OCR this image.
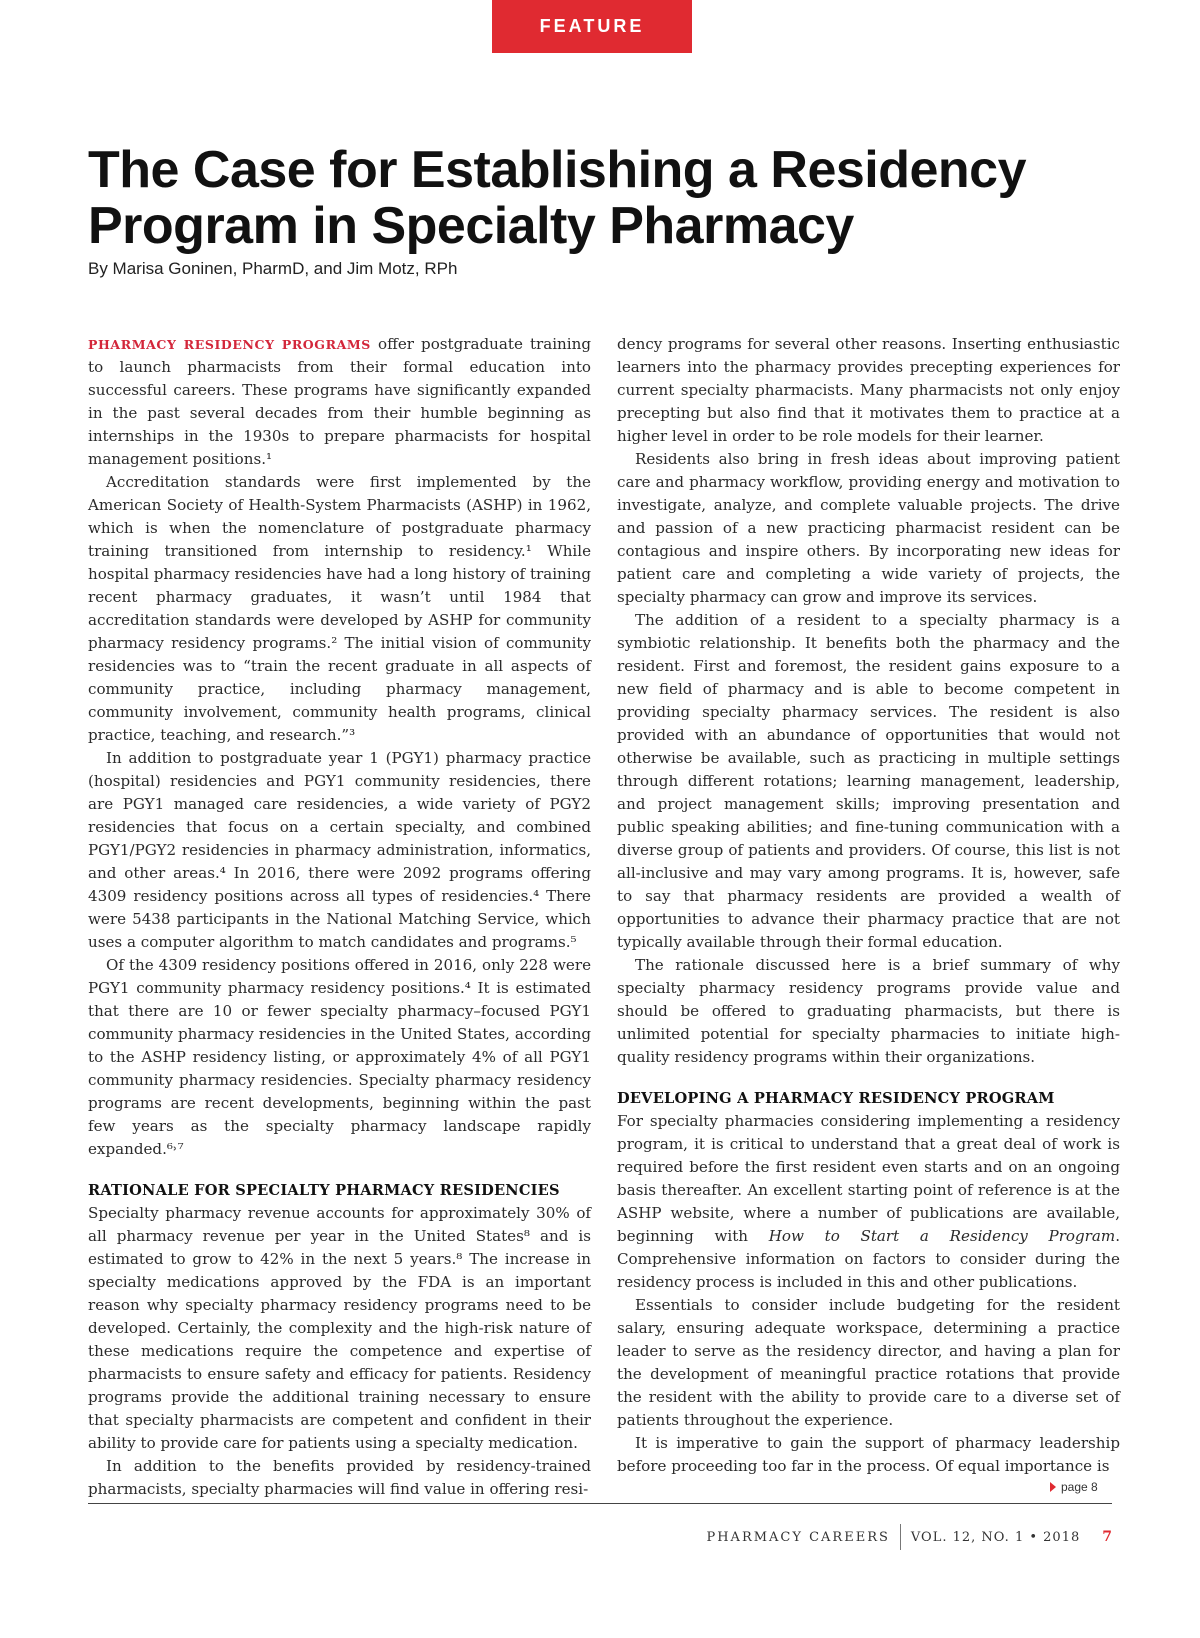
FEATURE
The Case for Establishing a Residency
Program in Specialty Pharmacy

By Marisa Goninen, PharmD, and Jim Motz, RPh

PHARMACY RESIDENCY PROGRAMS offer postgraduate training to launch pharmacists from their formal education into successful careers. These programs have significantly expanded in the past several decades from their humble beginning as internships in the 1930s to prepare pharmacists for hospital management positions.¹

Accreditation standards were first implemented by the American Society of Health-System Pharmacists (ASHP) in 1962, which is when the nomenclature of postgraduate pharmacy training transitioned from internship to residency.¹ While hospital pharmacy residencies have had a long history of training recent pharmacy graduates, it wasn’t until 1984 that accreditation standards were developed by ASHP for community pharmacy residency programs.² The initial vision of community residencies was to “train the recent graduate in all aspects of community practice, including pharmacy management, community involvement, community health programs, clinical practice, teaching, and research.”³

In addition to postgraduate year 1 (PGY1) pharmacy practice (hospital) residencies and PGY1 community residencies, there are PGY1 managed care residencies, a wide variety of PGY2 residencies that focus on a certain specialty, and combined PGY1/PGY2 residencies in pharmacy administration, informatics, and other areas.⁴ In 2016, there were 2092 programs offering 4309 residency positions across all types of residencies.⁴ There were 5438 participants in the National Matching Service, which uses a computer algorithm to match candidates and programs.⁵

Of the 4309 residency positions offered in 2016, only 228 were PGY1 community pharmacy residency positions.⁴ It is estimated that there are 10 or fewer specialty pharmacy–focused PGY1 community pharmacy residencies in the United States, according to the ASHP residency listing, or approximately 4% of all PGY1 community pharmacy residencies. Specialty pharmacy residency programs are recent developments, beginning within the past few years as the specialty pharmacy landscape rapidly expanded.⁶˒⁷

RATIONALE FOR SPECIALTY PHARMACY RESIDENCIES

Specialty pharmacy revenue accounts for approximately 30% of all pharmacy revenue per year in the United States⁸ and is estimated to grow to 42% in the next 5 years.⁸ The increase in specialty medications approved by the FDA is an important reason why specialty pharmacy residency programs need to be developed. Certainly, the complexity and the high-risk nature of these medications require the competence and expertise of pharmacists to ensure safety and efficacy for patients. Residency programs provide the additional training necessary to ensure that specialty pharmacists are competent and confident in their ability to provide care for patients using a specialty medication.

In addition to the benefits provided by residency-trained pharmacists, specialty pharmacies will find value in offering resi-

dency programs for several other reasons. Inserting enthusiastic learners into the pharmacy provides precepting experiences for current specialty pharmacists. Many pharmacists not only enjoy precepting but also find that it motivates them to practice at a higher level in order to be role models for their learner.

Residents also bring in fresh ideas about improving patient care and pharmacy workflow, providing energy and motivation to investigate, analyze, and complete valuable projects. The drive and passion of a new practicing pharmacist resident can be contagious and inspire others. By incorporating new ideas for patient care and completing a wide variety of projects, the specialty pharmacy can grow and improve its services.

The addition of a resident to a specialty pharmacy is a symbiotic relationship. It benefits both the pharmacy and the resident. First and foremost, the resident gains exposure to a new field of pharmacy and is able to become competent in providing specialty pharmacy services. The resident is also provided with an abundance of opportunities that would not otherwise be available, such as practicing in multiple settings through different rotations; learning management, leadership, and project management skills; improving presentation and public speaking abilities; and fine-tuning communication with a diverse group of patients and providers. Of course, this list is not all-inclusive and may vary among programs. It is, however, safe to say that pharmacy residents are provided a wealth of opportunities to advance their pharmacy practice that are not typically available through their formal education.

The rationale discussed here is a brief summary of why specialty pharmacy residency programs provide value and should be offered to graduating pharmacists, but there is unlimited potential for specialty pharmacies to initiate high-quality residency programs within their organizations.

DEVELOPING A PHARMACY RESIDENCY PROGRAM

For specialty pharmacies considering implementing a residency program, it is critical to understand that a great deal of work is required before the first resident even starts and on an ongoing basis thereafter. An excellent starting point of reference is at the ASHP website, where a number of publications are available, beginning with How to Start a Residency Program. Comprehensive information on factors to consider during the residency process is included in this and other publications.

Essentials to consider include budgeting for the resident salary, ensuring adequate workspace, determining a practice leader to serve as the residency director, and having a plan for the development of meaningful practice rotations that provide the resident with the ability to provide care to a diverse set of patients throughout the experience.

It is imperative to gain the support of pharmacy leadership before proceeding too far in the process. Of equal importance is

page 8
PHARMACY CAREERS VOL. 12, NO. 1 • 2018 7
